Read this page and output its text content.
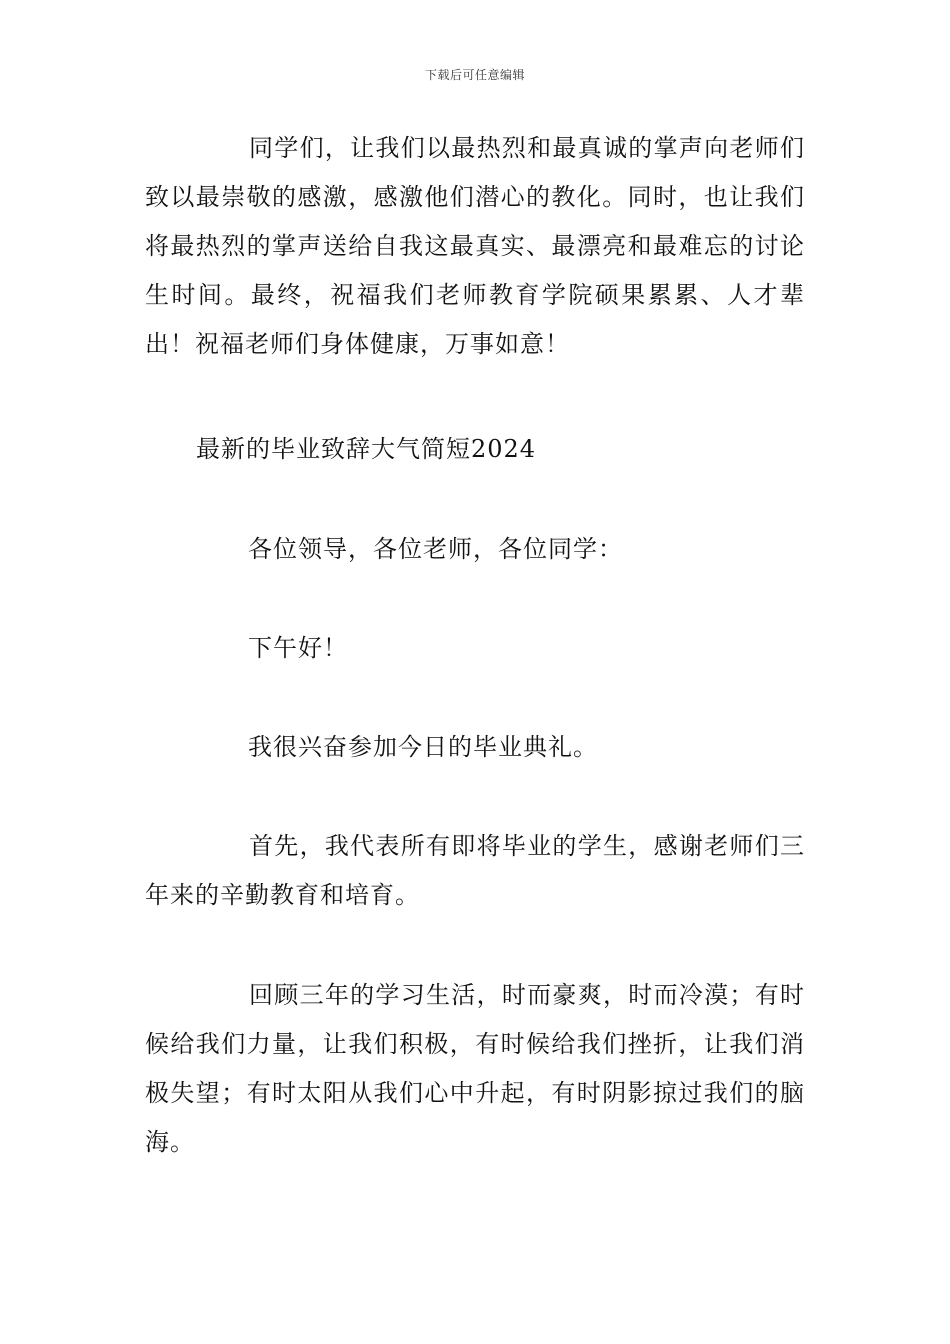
下载后可任意编辑

同学们，让我们以最热烈和最真诚的掌声向老师们致以最崇敬的感激，感激他们潜心的教化。同时，也让我们将最热烈的掌声送给自我这最真实、最漂亮和最难忘的讨论生时间。最终，祝福我们老师教育学院硕果累累、人才辈出！祝福老师们身体健康，万事如意！

最新的毕业致辞大气简短2024

各位领导，各位老师，各位同学：

下午好！

我很兴奋参加今日的毕业典礼。

首先，我代表所有即将毕业的学生，感谢老师们三年来的辛勤教育和培育。

回顾三年的学习生活，时而豪爽，时而冷漠；有时候给我们力量，让我们积极，有时候给我们挫折，让我们消极失望；有时太阳从我们心中升起，有时阴影掠过我们的脑海。
